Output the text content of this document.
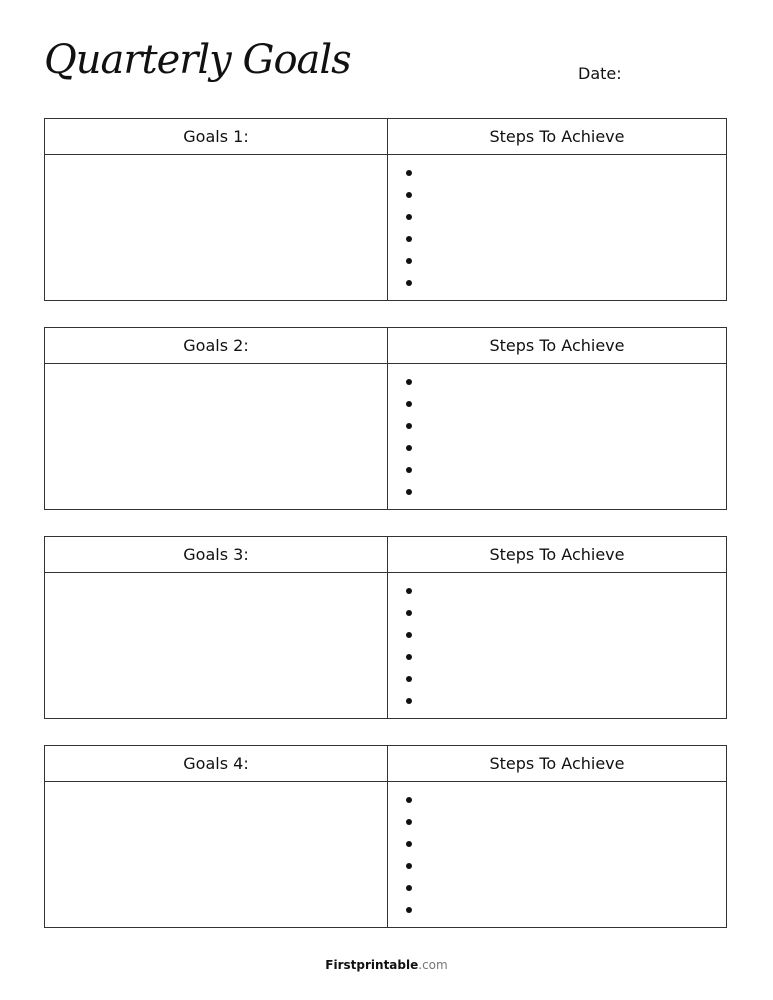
Quarterly Goals	Date:
Goals 1:	Steps To Achieve
Goals 2:	Steps To Achieve
Goals 3:	Steps To Achieve
Goals 4:	Steps To Achieve
Firstprintable.com
